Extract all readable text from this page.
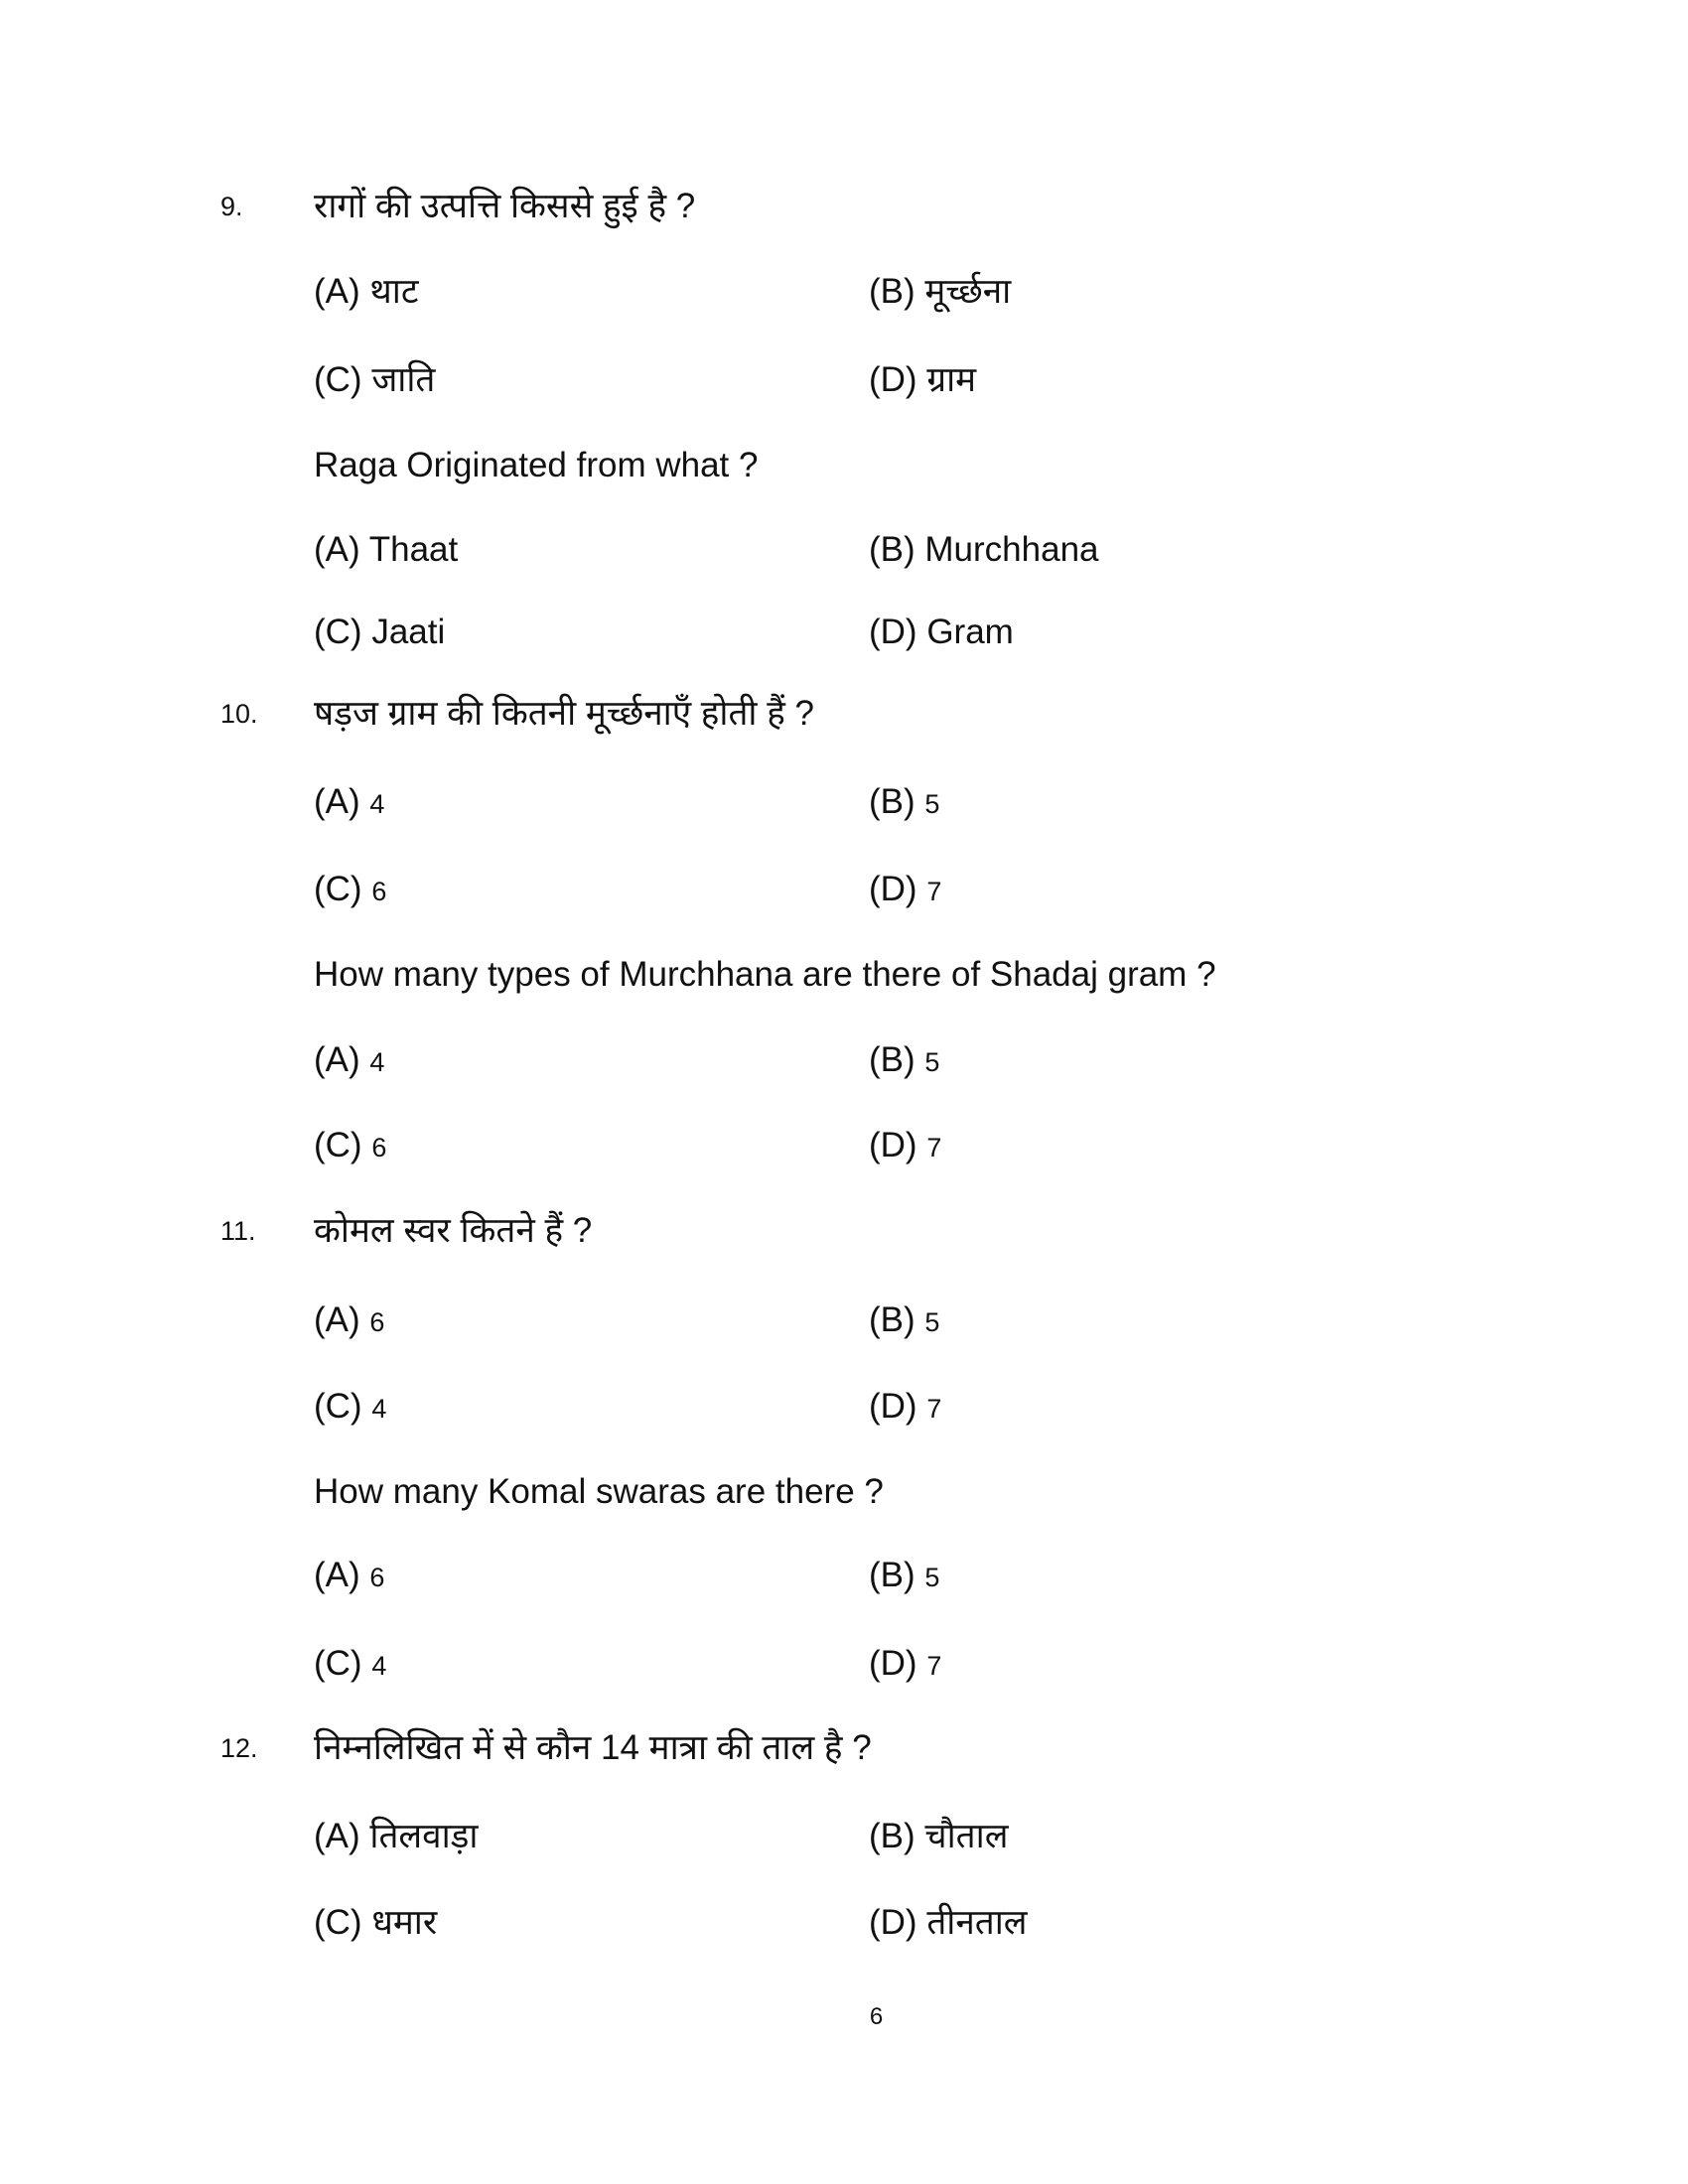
6
9. रागों की उत्पत्ति किससे हुई है ?
(A) थाट	(B) मूर्च्छना
(C) जाति	(D) ग्राम
Raga Originated from what ?
(A) Thaat	(B) Murchhana
(C) Jaati	(D) Gram
10. षड़ज ग्राम की कितनी मूर्च्छनाएँ होती हैं ?
(A) 4	(B) 5
(C) 6	(D) 7
How many types of Murchhana are there of Shadaj gram ?
(A) 4	(B) 5
(C) 6	(D) 7
11. कोमल स्वर कितने हैं ?
(A) 6	(B) 5
(C) 4	(D) 7
How many Komal swaras are there ?
(A) 6	(B) 5
(C) 4	(D) 7
12. निम्नलिखित में से कौन 14 मात्रा की ताल है ?
(A) तिलवाड़ा	(B) चौताल
(C) धमार	(D) तीनताल
